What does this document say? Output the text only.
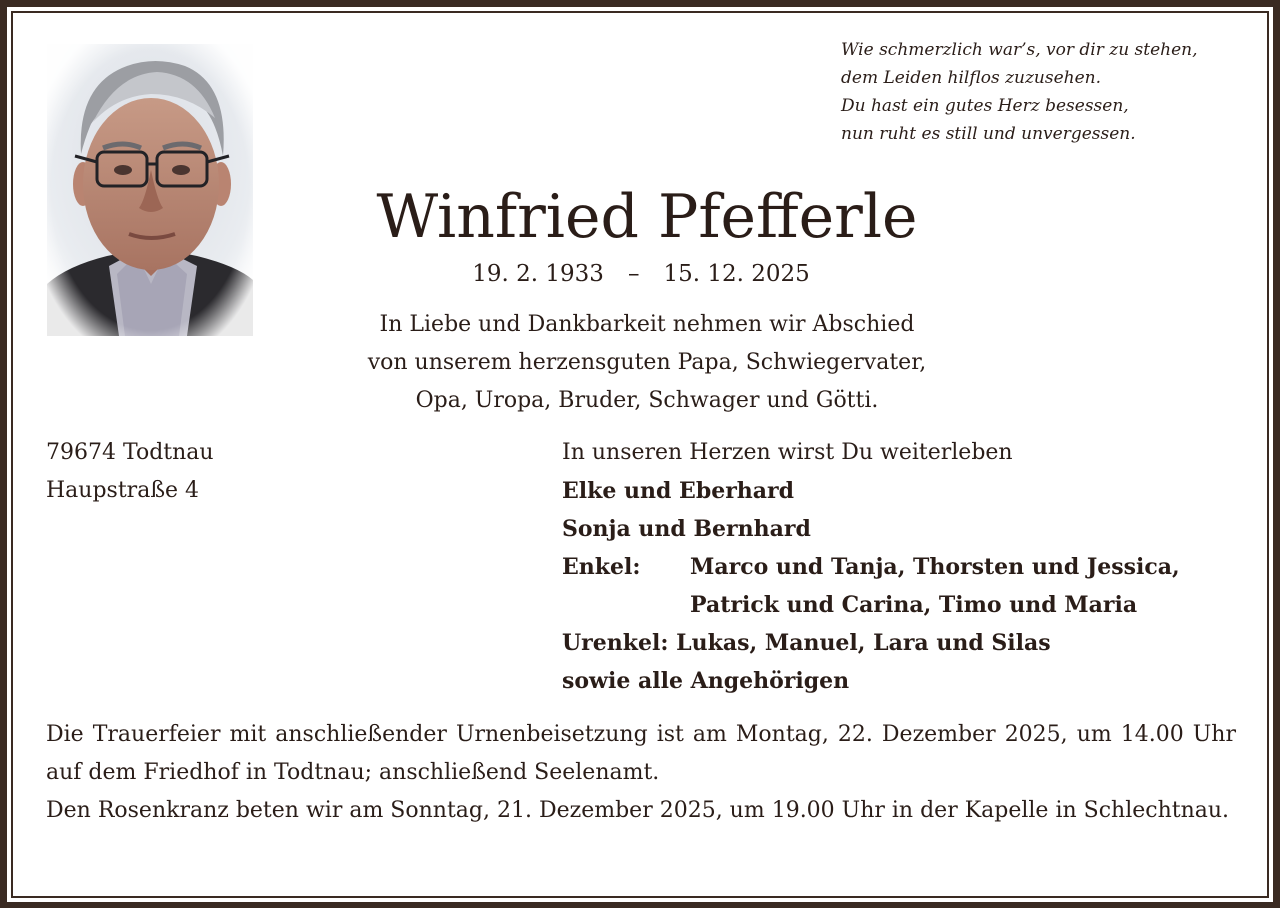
Wie schmerzlich war’s, vor dir zu stehen,
dem Leiden hilflos zuzusehen.
Du hast ein gutes Herz besessen,
nun ruht es still und unvergessen.
Winfried Pfefferle
19. 2. 1933 – 15. 12. 2025
In Liebe und Dankbarkeit nehmen wir Abschied
von unserem herzensguten Papa, Schwiegervater,
Opa, Uropa, Bruder, Schwager und Götti.
79674 Todtnau
Haupstraße 4
In unseren Herzen wirst Du weiterleben
Elke und Eberhard
Sonja und Bernhard
Enkel:	Marco und Tanja, Thorsten und Jessica,
Patrick und Carina, Timo und Maria
Urenkel: Lukas, Manuel, Lara und Silas
sowie alle Angehörigen

Die Trauerfeier mit anschließender Urnenbeisetzung ist am Montag, 22. Dezember 2025, um 14.00 Uhr auf dem Friedhof in Todtnau; anschließend Seelenamt.

Den Rosenkranz beten wir am Sonntag, 21. Dezember 2025, um 19.00 Uhr in der Kapelle in Schlechtnau.
